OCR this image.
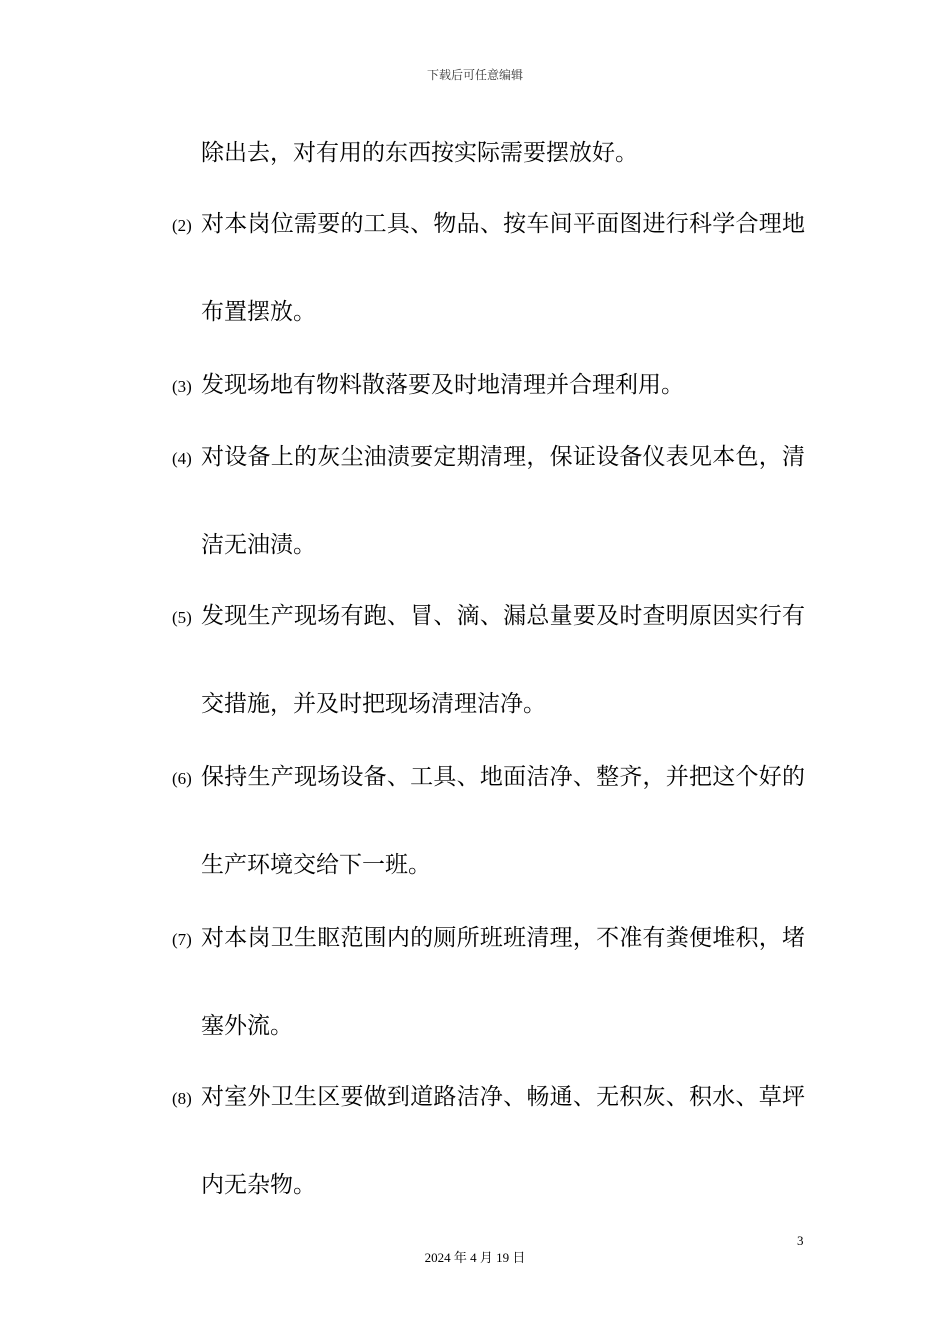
下载后可任意编辑
除出去，对有用的东西按实际需要摆放好。
(2) 对本岗位需要的工具、物品、按车间平面图进行科学合理地
布置摆放。
(3) 发现场地有物料散落要及时地清理并合理利用。
(4) 对设备上的灰尘油渍要定期清理，保证设备仪表见本色，清
洁无油渍。
(5) 发现生产现场有跑、冒、滴、漏总量要及时查明原因实行有
交措施，并及时把现场清理洁净。
(6) 保持生产现场设备、工具、地面洁净、整齐，并把这个好的
生产环境交给下一班。
(7) 对本岗卫生眍范围内的厕所班班清理，不准有粪便堆积，堵
塞外流。
(8) 对室外卫生区要做到道路洁净、畅通、无积灰、积水、草坪
内无杂物。
3
2024 年 4 月 19 日
